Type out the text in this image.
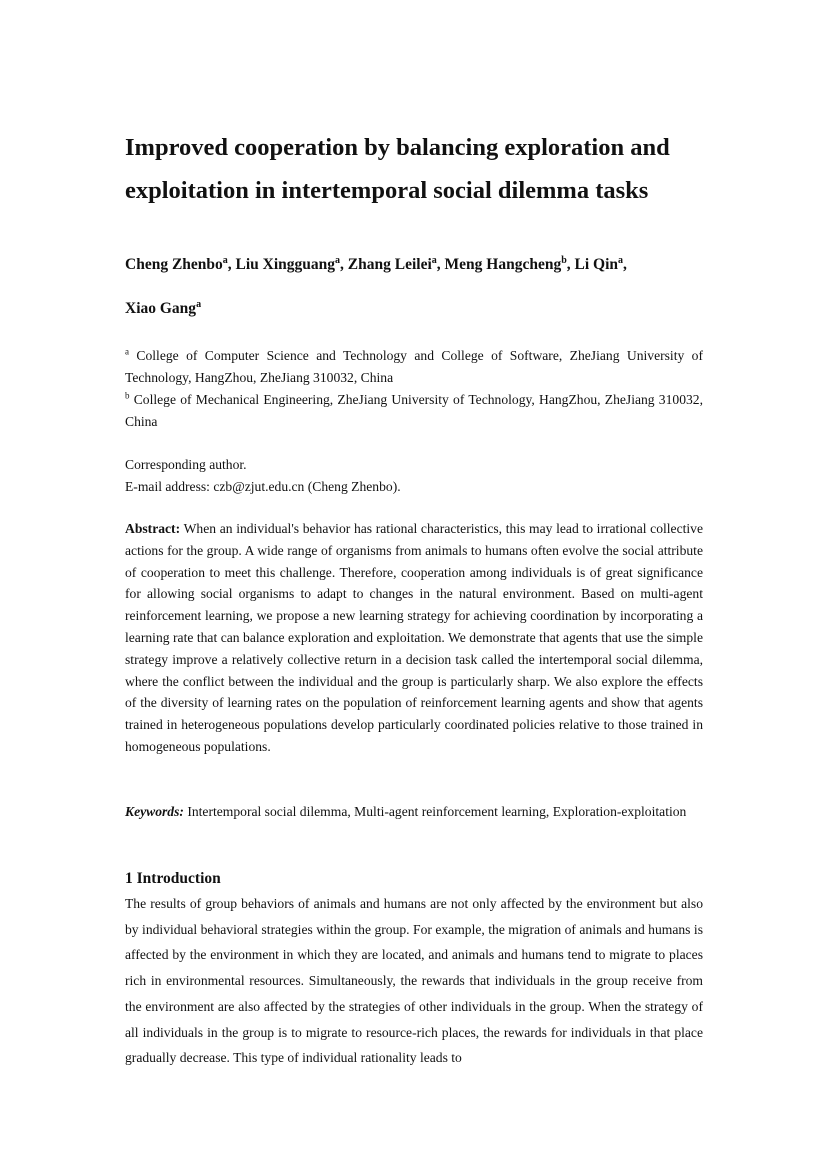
Improved cooperation by balancing exploration and exploitation in intertemporal social dilemma tasks

Cheng Zhenbo$^a$, Liu Xingguang$^a$, Zhang Leilei$^a$, Meng Hangcheng$^b$, Li Qin$^a$,
Xiao Gang$^a$

$^a$ College of Computer Science and Technology and College of Software, ZheJiang University of Technology, HangZhou, ZheJiang 310032, China

$^b$ College of Mechanical Engineering, ZheJiang University of Technology, HangZhou, ZheJiang 310032, China

Corresponding author.
E-mail address: czb@zjut.edu.cn (Cheng Zhenbo).

Abstract: When an individual's behavior has rational characteristics, this may lead to irrational collective actions for the group. A wide range of organisms from animals to humans often evolve the social attribute of cooperation to meet this challenge. Therefore, cooperation among individuals is of great significance for allowing social organisms to adapt to changes in the natural environment. Based on multi-agent reinforcement learning, we propose a new learning strategy for achieving coordination by incorporating a learning rate that can balance exploration and exploitation. We demonstrate that agents that use the simple strategy improve a relatively collective return in a decision task called the intertemporal social dilemma, where the conflict between the individual and the group is particularly sharp. We also explore the effects of the diversity of learning rates on the population of reinforcement learning agents and show that agents trained in heterogeneous populations develop particularly coordinated policies relative to those trained in homogeneous populations.

Keywords: Intertemporal social dilemma, Multi-agent reinforcement learning, Exploration-exploitation

1 Introduction

The results of group behaviors of animals and humans are not only affected by the environment but also by individual behavioral strategies within the group. For example, the migration of animals and humans is affected by the environment in which they are located, and animals and humans tend to migrate to places rich in environmental resources. Simultaneously, the rewards that individuals in the group receive from the environment are also affected by the strategies of other individuals in the group. When the strategy of all individuals in the group is to migrate to resource-rich places, the rewards for individuals in that place gradually decrease. This type of individual rationality leads to
